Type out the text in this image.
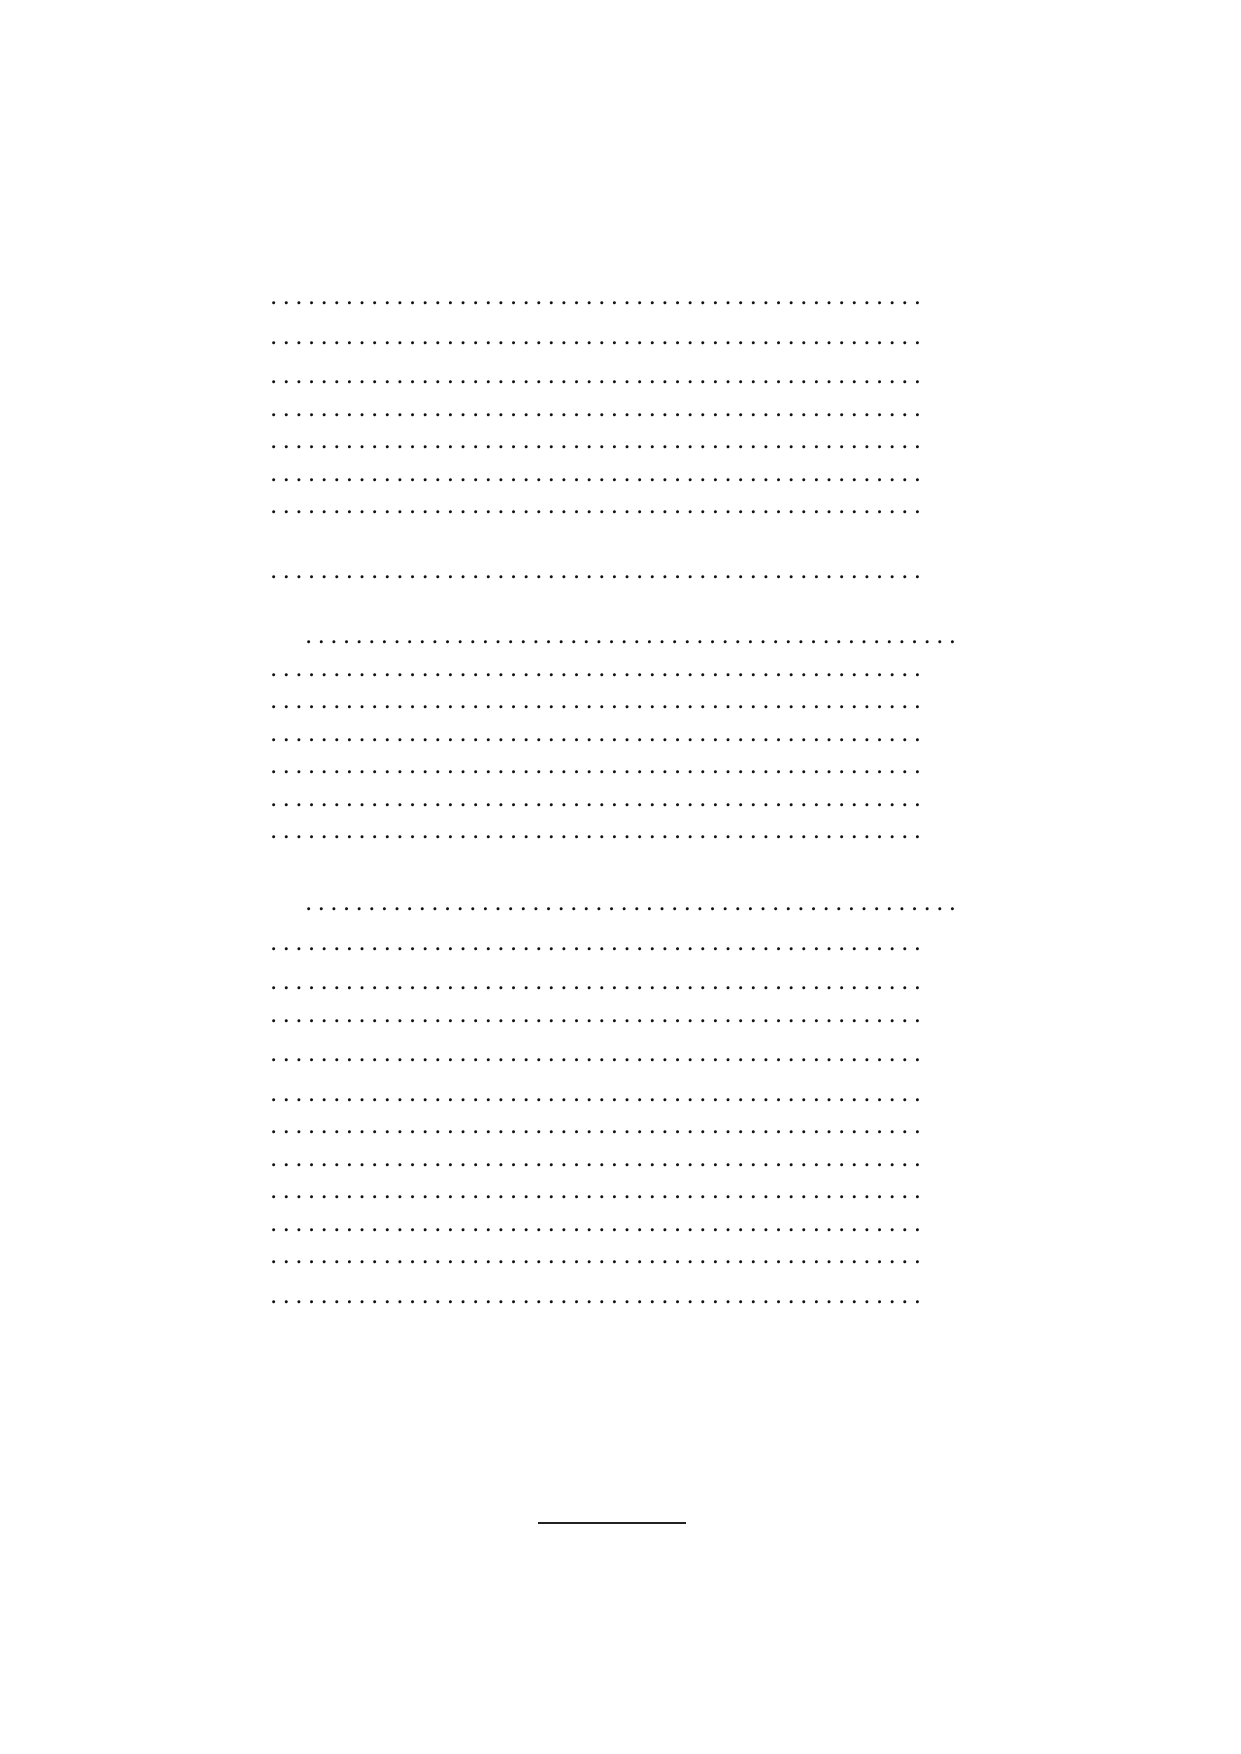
. . .
. . .
. . .
. . .
. . .
. . .
. . .
. . .
. . .
. . .
. . .
. . .
. . .
. . .
. . .
. . .
. . .
. . .
. . .
. . .
. . .
. . .
. . .
. . .
. . .
. . .
. . .
